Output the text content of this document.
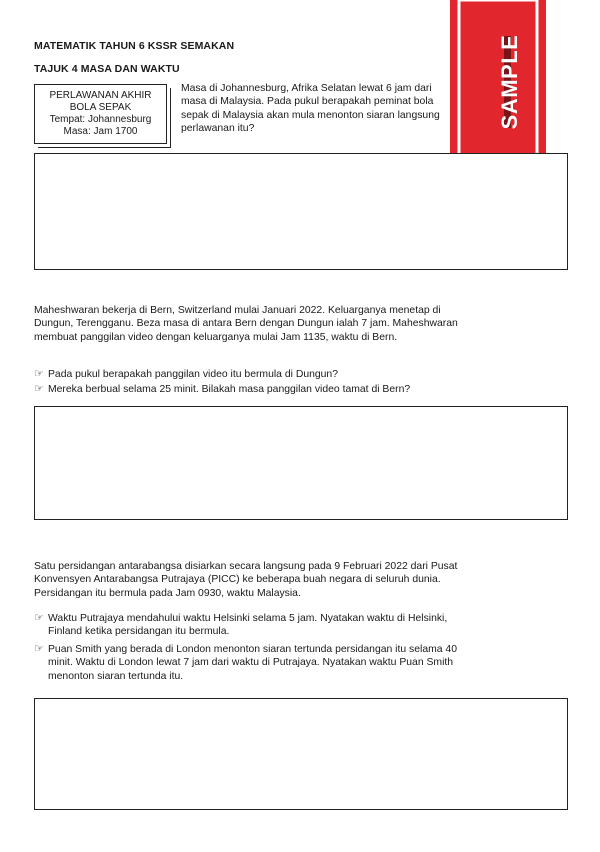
MATEMATIK TAHUN 6 KSSR SEMAKAN
TAJUK 4 MASA DAN WAKTU	SAMPLE
PERLAWANAN AKHIR
BOLA SEPAK
Tempat: Johannesburg
Masa: Jam 1700
Masa di Johannesburg, Afrika Selatan lewat 6 jam dari masa di Malaysia. Pada pukul berapakah peminat bola sepak di Malaysia akan mula menonton siaran langsung perlawanan itu?
Maheshwaran bekerja di Bern, Switzerland mulai Januari 2022. Keluarganya menetap di Dungun, Terengganu. Beza masa di antara Bern dengan Dungun ialah 7 jam. Maheshwaran membuat panggilan video dengan keluarganya mulai Jam 1135, waktu di Bern.
☞ Pada pukul berapakah panggilan video itu bermula di Dungun?
☞ Mereka berbual selama 25 minit. Bilakah masa panggilan video tamat di Bern?
Satu persidangan antarabangsa disiarkan secara langsung pada 9 Februari 2022 dari Pusat Konvensyen Antarabangsa Putrajaya (PICC) ke beberapa buah negara di seluruh dunia. Persidangan itu bermula pada Jam 0930, waktu Malaysia.
☞ Waktu Putrajaya mendahului waktu Helsinki selama 5 jam. Nyatakan waktu di Helsinki, Finland ketika persidangan itu bermula.
☞ Puan Smith yang berada di London menonton siaran tertunda persidangan itu selama 40 minit. Waktu di London lewat 7 jam dari waktu di Putrajaya. Nyatakan waktu Puan Smith menonton siaran tertunda itu.
